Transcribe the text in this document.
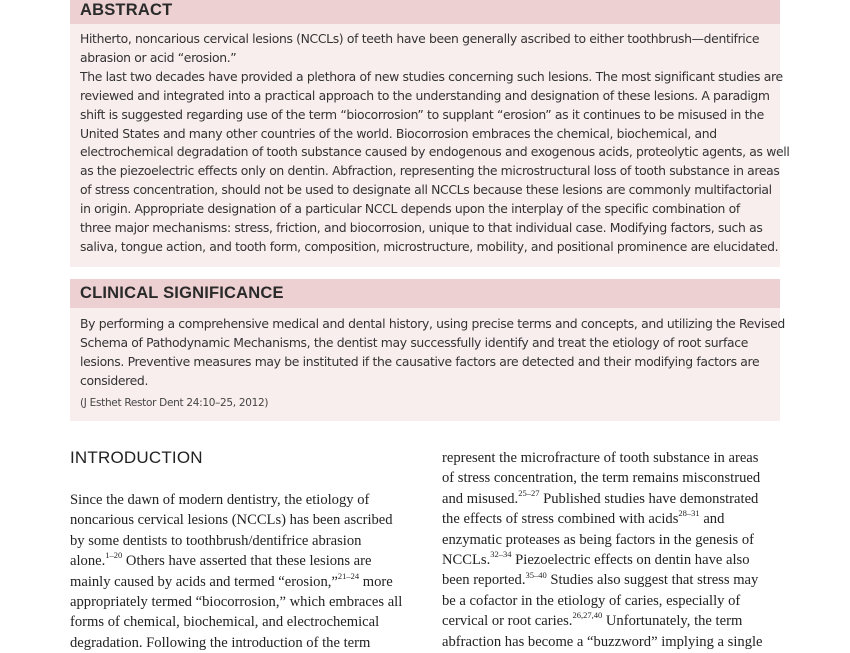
ABSTRACT

Hitherto, noncarious cervical lesions (NCCLs) of teeth have been generally ascribed to either toothbrush—dentifrice

abrasion or acid “erosion.”

The last two decades have provided a plethora of new studies concerning such lesions. The most significant studies are

reviewed and integrated into a practical approach to the understanding and designation of these lesions. A paradigm

shift is suggested regarding use of the term “biocorrosion” to supplant “erosion” as it continues to be misused in the

United States and many other countries of the world. Biocorrosion embraces the chemical, biochemical, and

electrochemical degradation of tooth substance caused by endogenous and exogenous acids, proteolytic agents, as well

as the piezoelectric effects only on dentin. Abfraction, representing the microstructural loss of tooth substance in areas

of stress concentration, should not be used to designate all NCCLs because these lesions are commonly multifactorial

in origin. Appropriate designation of a particular NCCL depends upon the interplay of the specific combination of

three major mechanisms: stress, friction, and biocorrosion, unique to that individual case. Modifying factors, such as

saliva, tongue action, and tooth form, composition, microstructure, mobility, and positional prominence are elucidated.

CLINICAL SIGNIFICANCE

By performing a comprehensive medical and dental history, using precise terms and concepts, and utilizing the Revised

Schema of Pathodynamic Mechanisms, the dentist may successfully identify and treat the etiology of root surface

lesions. Preventive measures may be instituted if the causative factors are detected and their modifying factors are

considered.

(J Esthet Restor Dent 24:10–25, 2012)
INTRODUCTION
Since the dawn of modern dentistry, the etiology of
noncarious cervical lesions (NCCLs) has been ascribed
by some dentists to toothbrush/dentifrice abrasion
alone.$^{1-20}$ Others have asserted that these lesions are
mainly caused by acids and termed “erosion,”$^{21-24}$ more
appropriately termed “biocorrosion,” which embraces all
forms of chemical, biochemical, and electrochemical
degradation. Following the introduction of the term
represent the microfracture of tooth substance in areas
of stress concentration, the term remains misconstrued
and misused.$^{25-27}$ Published studies have demonstrated
the effects of stress combined with acids$^{28-31}$ and
enzymatic proteases as being factors in the genesis of
NCCLs.$^{32-34}$ Piezoelectric effects on dentin have also
been reported.$^{35-40}$ Studies also suggest that stress may
be a cofactor in the etiology of caries, especially of
cervical or root caries.$^{26,27,40}$ Unfortunately, the term
abfraction has become a “buzzword” implying a single
